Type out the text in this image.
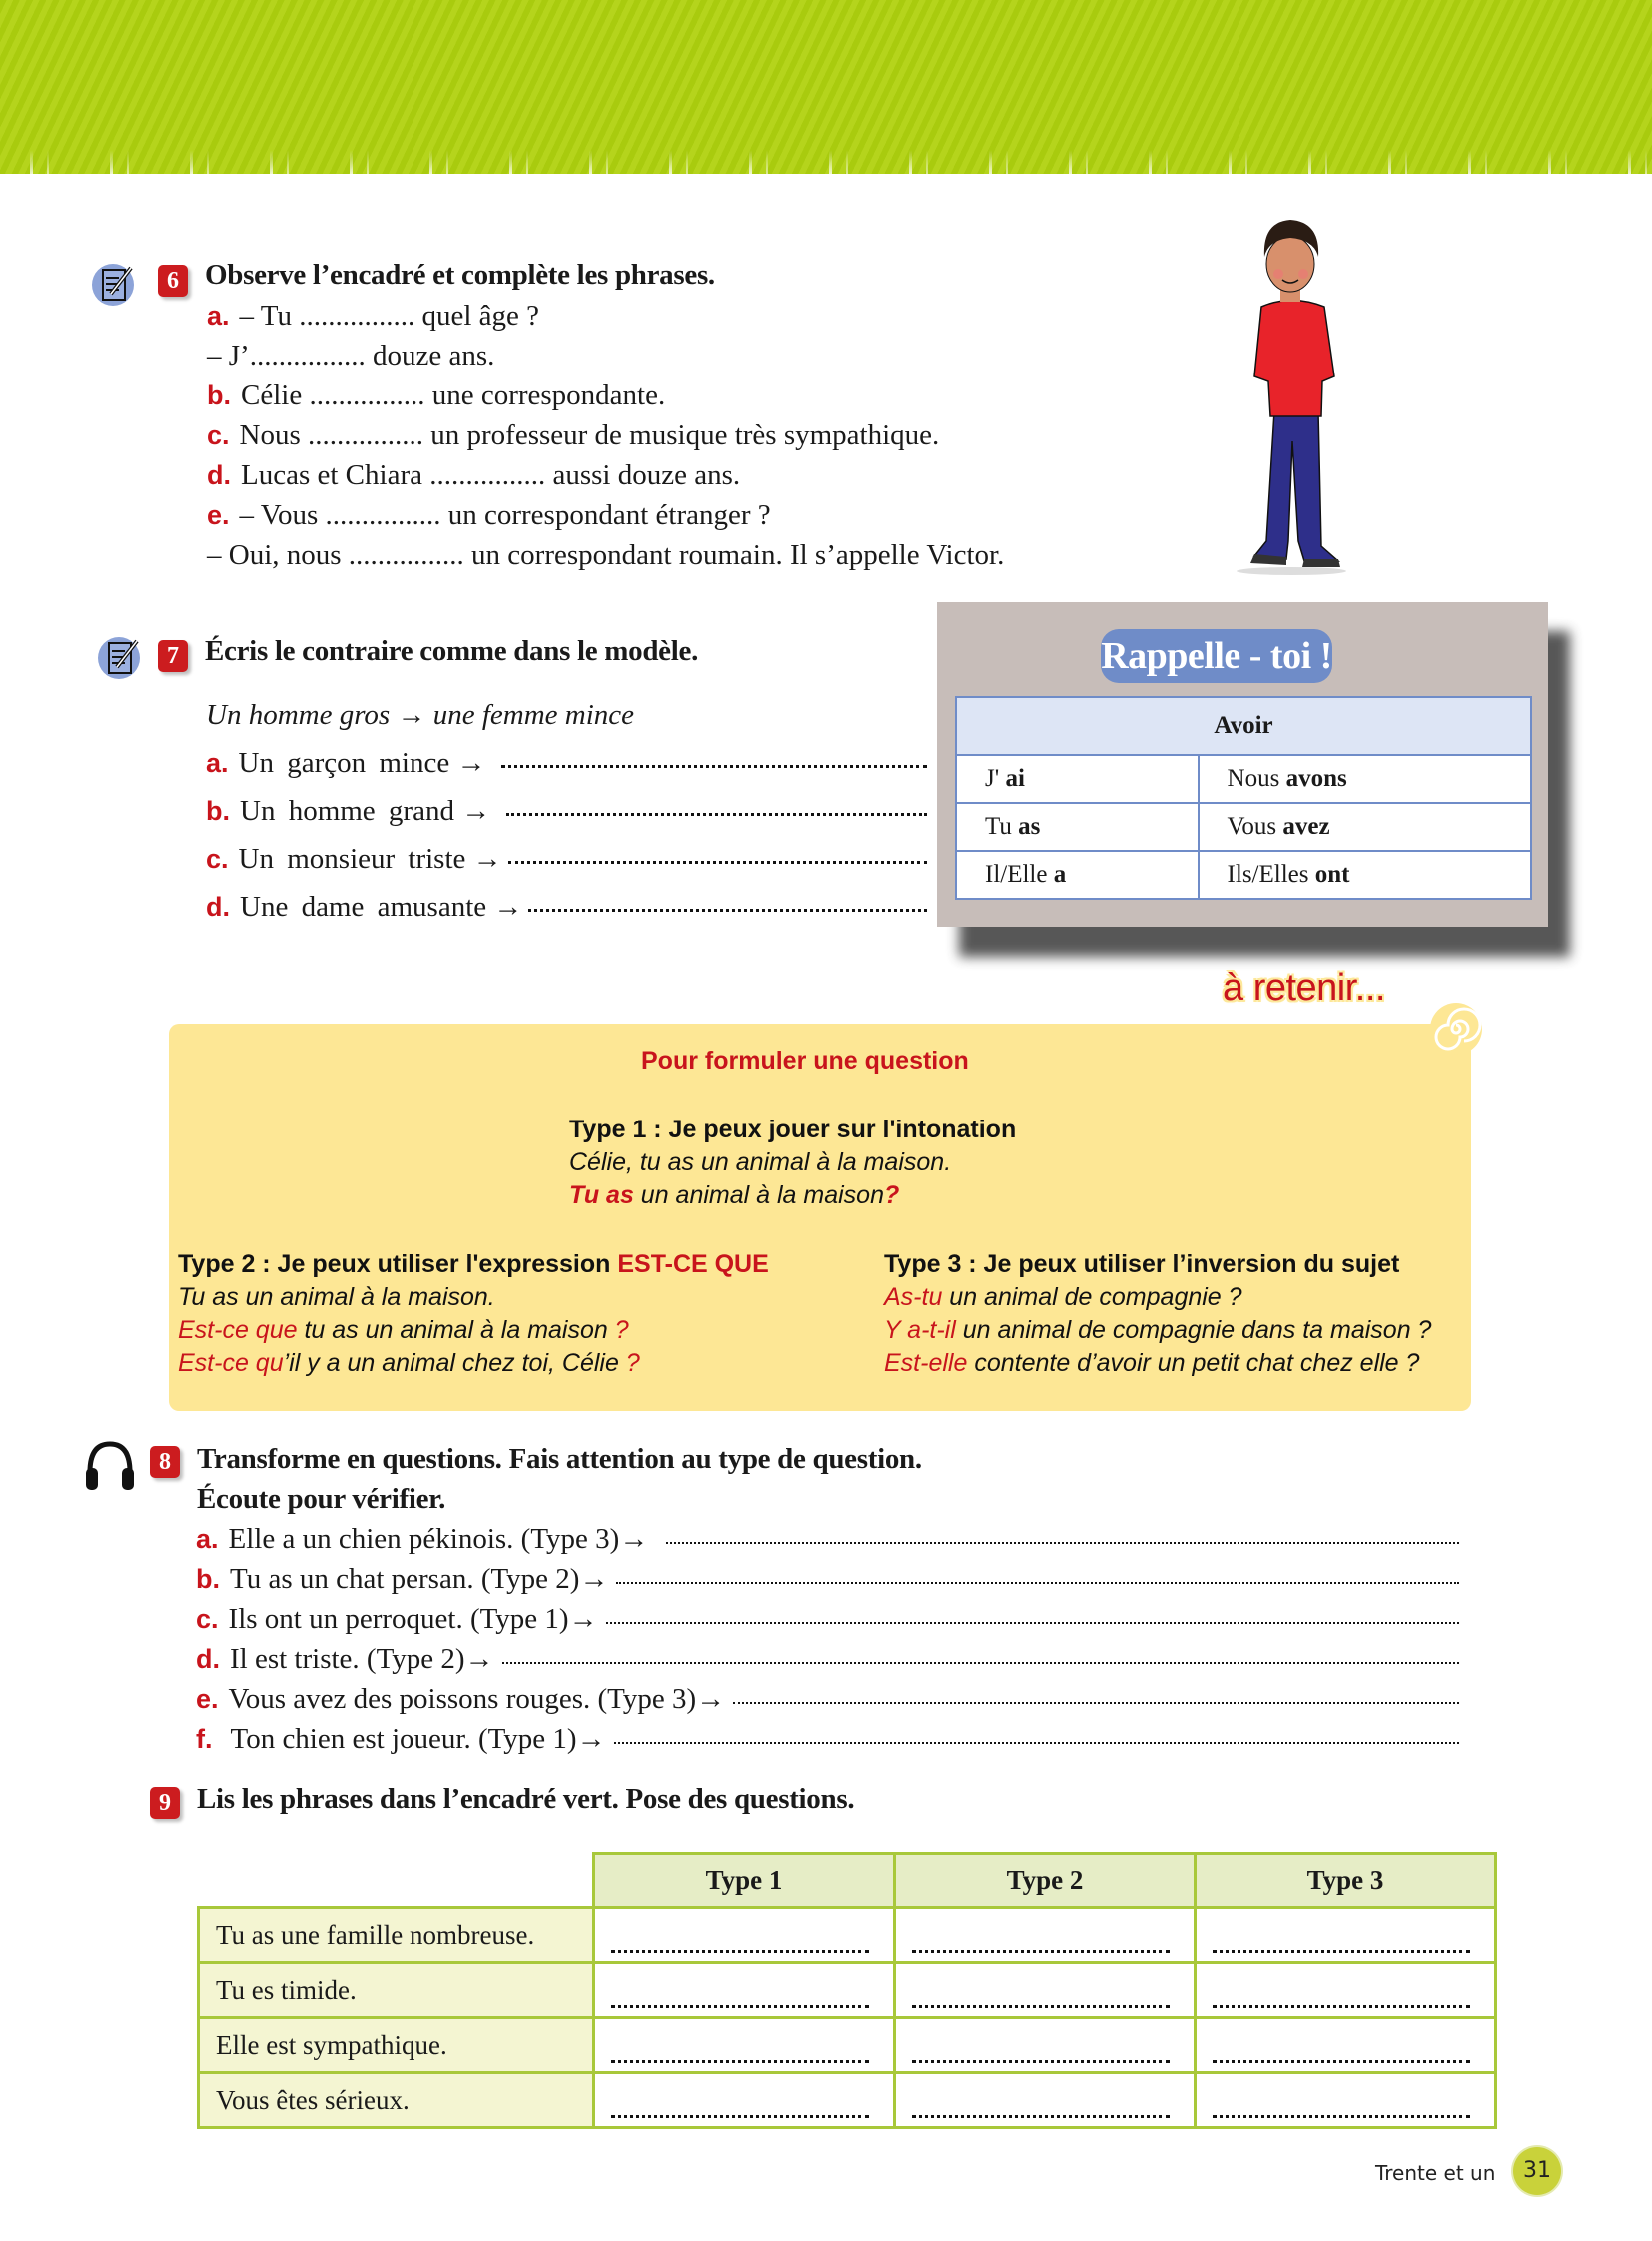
6 Observe l’encadré et complète les phrases.
a. – Tu ................ quel âge ?
– J’................ douze ans.
b. Célie ................ une correspondante.
c. Nous ................ un professeur de musique très sympathique.
d. Lucas et Chiara ................ aussi douze ans.
e. – Vous ................ un correspondant étranger ?
– Oui, nous ................ un correspondant roumain. Il s’appelle Victor.
7 Écris le contraire comme dans le modèle.
Un homme gros → une femme mince
a. Un garçon mince
→
b. Un homme grand
→
c. Un monsieur triste
→
d. Une dame amusante
→
Rappelle - toi !
Avoir	
J' ai	Nous avons
Tu as	Vous avez
Il/Elle a	Ils/Elles ont
à retenir...
Pour formuler une question
Type 1 : Je peux jouer sur l'intonation
Célie, tu as un animal à la maison.
Tu as un animal à la maison?
Type 2 : Je peux utiliser l'expression EST-CE QUE
Tu as un animal à la maison.
Est-ce que tu as un animal à la maison ?
Est-ce qu’il y a un animal chez toi, Célie ?
Type 3 : Je peux utiliser l’inversion du sujet
As-tu un animal de compagnie ?
Y a-t-il un animal de compagnie dans ta maison ?
Est-elle contente d’avoir un petit chat chez elle ?
8 Transforme en questions. Fais attention au type de question.
Écoute pour vérifier.
a. Elle a un chien pékinois. (Type 3) →
b. Tu as un chat persan. (Type 2) →
c. Ils ont un perroquet. (Type 1) →
d. Il est triste. (Type 2) →
e. Vous avez des poissons rouges. (Type 3) →
f. Ton chien est joueur. (Type 1) →
9 Lis les phrases dans l’encadré vert. Pose des questions.
	Type 1	Type 2	Type 3
Tu as une famille nombreuse.	

Tu es timide.	

Elle est sympathique.	

Vous êtes sérieux.	

Trente et un	31
